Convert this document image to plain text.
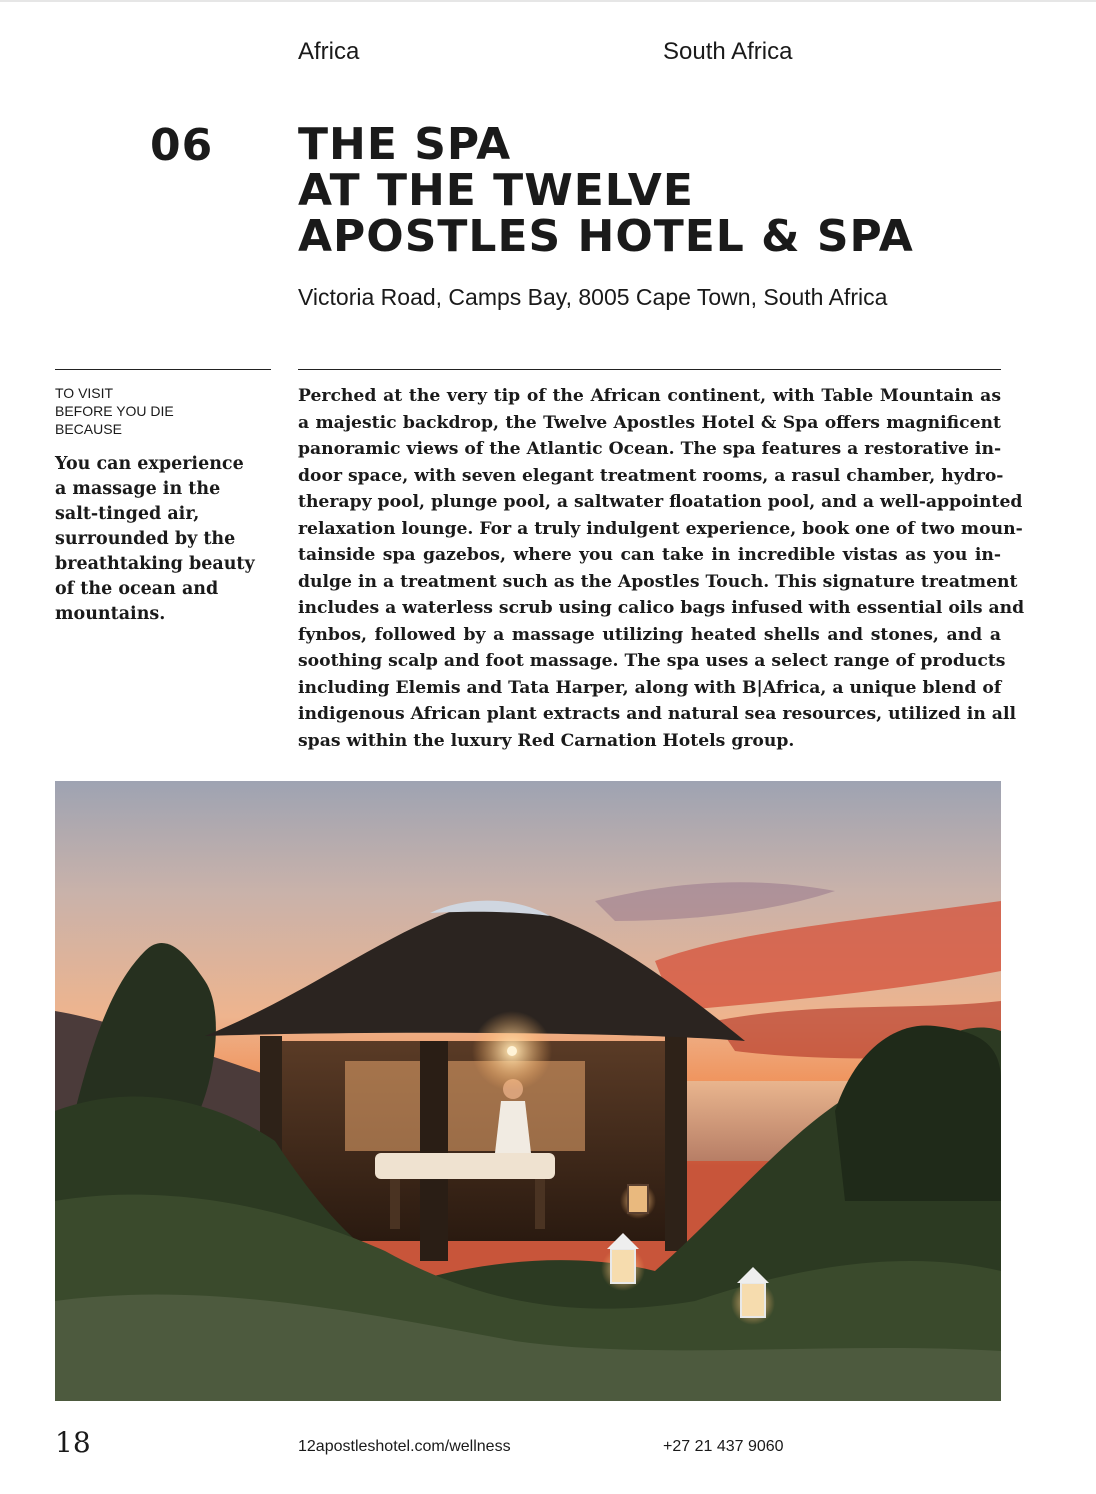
Africa	South Africa
06 THE SPA
AT THE TWELVE
APOSTLES HOTEL & SPA
Victoria Road, Camps Bay, 8005 Cape Town, South Africa
TO VISIT
BEFORE YOU DIE
BECAUSE
You can experience
a massage in the
salt-tinged air,
surrounded by the
breathtaking beauty
of the ocean and
mountains.
Perched at the very tip of the African continent, with Table Mountain as
a majestic backdrop, the Twelve Apostles Hotel & Spa offers magnificent
panoramic views of the Atlantic Ocean. The spa features a restorative in-
door space, with seven elegant treatment rooms, a rasul chamber, hydro-
therapy pool, plunge pool, a saltwater floatation pool, and a well-appointed
relaxation lounge. For a truly indulgent experience, book one of two moun-
tainside spa gazebos, where you can take in incredible vistas as you in-
dulge in a treatment such as the Apostles Touch. This signature treatment
includes a waterless scrub using calico bags infused with essential oils and
fynbos, followed by a massage utilizing heated shells and stones, and a
soothing scalp and foot massage. The spa uses a select range of products
including Elemis and Tata Harper, along with B|Africa, a unique blend of
indigenous African plant extracts and natural sea resources, utilized in all
spas within the luxury Red Carnation Hotels group.
18	12apostleshotel.com/wellness	+27 21 437 9060
